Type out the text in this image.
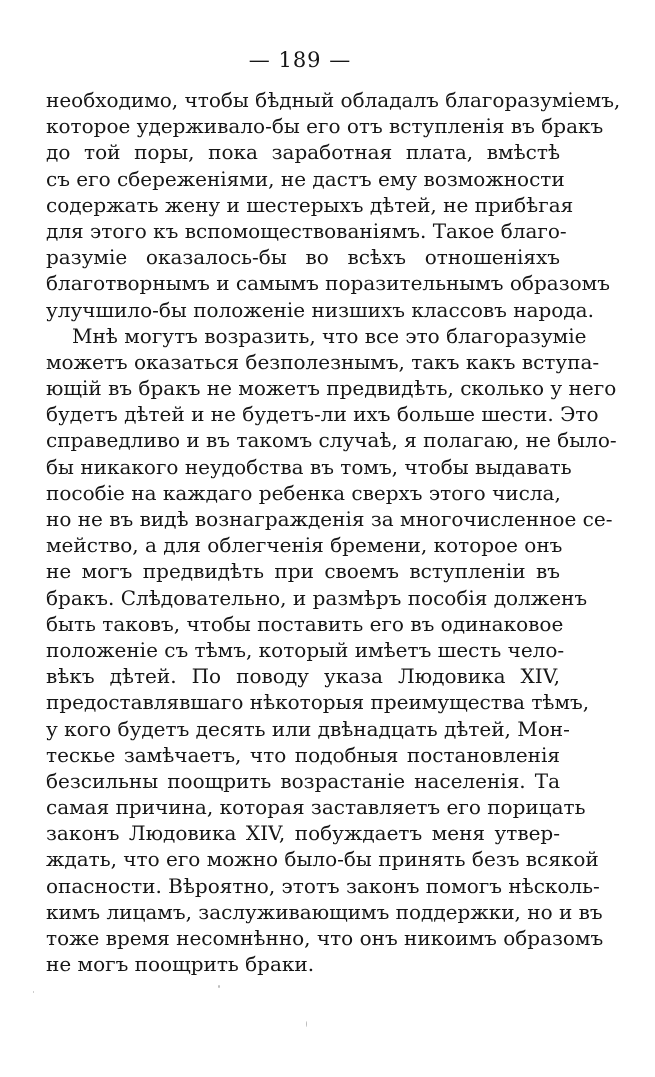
— 189 —
необходимо, чтобы бѣдный обладалъ благоразуміемъ,
которое удерживало-бы его отъ вступленія въ бракъ
до той поры, пока заработная плата, вмѣстѣ
съ его сбереженіями, не дастъ ему возможности
содержать жену и шестерыхъ дѣтей, не прибѣгая
для этого къ вспомоществованіямъ. Такое благо-
разуміе оказалось-бы во всѣхъ отношеніяхъ
благотворнымъ и самымъ поразительнымъ образомъ
улучшило-бы положеніе низшихъ классовъ народа.
Мнѣ могутъ возразить, что все это благоразуміе
можетъ оказаться безполезнымъ, такъ какъ вступа-
ющій въ бракъ не можетъ предвидѣть, сколько у него
будетъ дѣтей и не будетъ-ли ихъ больше шести. Это
справедливо и въ такомъ случаѣ, я полагаю, не было-
бы никакого неудобства въ томъ, чтобы выдавать
пособіе на каждаго ребенка сверхъ этого числа,
но не въ видѣ вознагражденія за многочисленное се-
мейство, а для облегченія бремени, которое онъ
не могъ предвидѣть при своемъ вступленіи въ
бракъ. Слѣдовательно, и размѣръ пособія долженъ
быть таковъ, чтобы поставить его въ одинаковое
положеніе съ тѣмъ, который имѣетъ шесть чело-
вѣкъ дѣтей. По поводу указа Людовика XIV,
предоставлявшаго нѣкоторыя преимущества тѣмъ,
у кого будетъ десять или двѣнадцать дѣтей, Мон-
тескье замѣчаетъ, что подобныя постановленія
безсильны поощрить возрастаніе населенія. Та
самая причина, которая заставляетъ его порицать
законъ Людовика XIV, побуждаетъ меня утвер-
ждать, что его можно было-бы принять безъ всякой
опасности. Вѣроятно, этотъ законъ помогъ нѣсколь-
кимъ лицамъ, заслуживающимъ поддержки, но и въ
тоже время несомнѣнно, что онъ никоимъ образомъ
не могъ поощрить браки.
